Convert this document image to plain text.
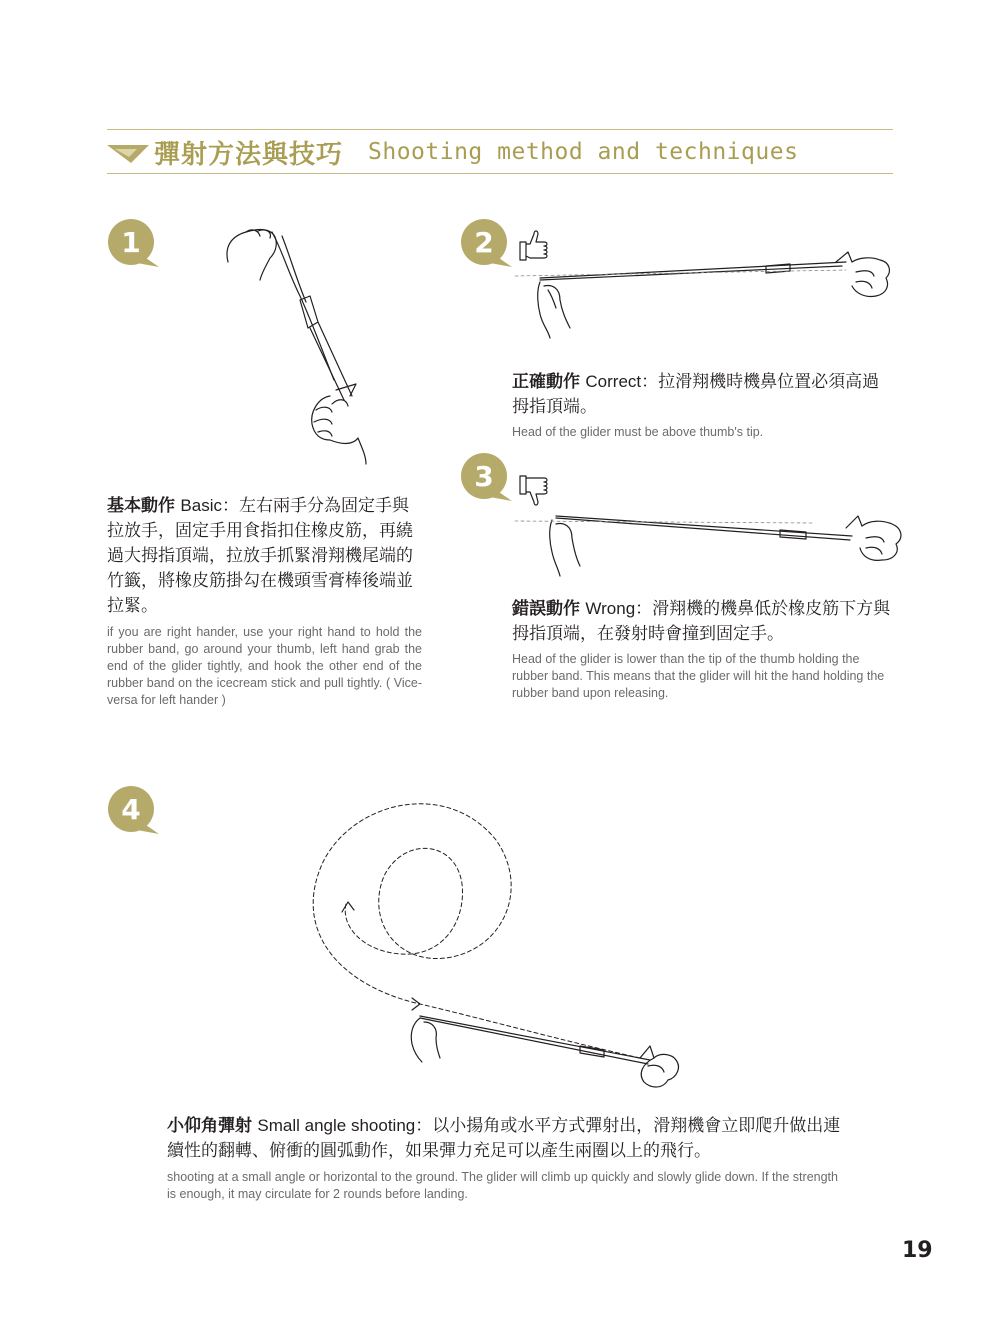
彈射方法與技巧 Shooting method and techniques
1	2
3
4
基本動作 Basic：左右兩手分為固定手與拉放手，固定手用食指扣住橡皮筋，再繞過大拇指頂端，拉放手抓緊滑翔機尾端的竹籤，將橡皮筋掛勾在機頭雪膏棒後端並拉緊。
if you are right hander, use your right hand to hold the rubber band, go around your thumb, left hand grab the end of the glider tightly, and hook the other end of the rubber band on the icecream stick and pull tightly. ( Vice-versa for left hander )
正確動作 Correct：拉滑翔機時機鼻位置必須高過拇指頂端。
Head of the glider must be above thumb's tip.
錯誤動作 Wrong：滑翔機的機鼻低於橡皮筋下方與拇指頂端，在發射時會撞到固定手。
Head of the glider is lower than the tip of the thumb holding the rubber band. This means that the glider will hit the hand holding the rubber band upon releasing.
小仰角彈射 Small angle shooting：以小揚角或水平方式彈射出，滑翔機會立即爬升做出連續性的翻轉、俯衝的圓弧動作，如果彈力充足可以產生兩圈以上的飛行。
shooting at a small angle or horizontal to the ground. The glider will climb up quickly and slowly glide down. If the strength is enough, it may circulate for 2 rounds before landing.
19
